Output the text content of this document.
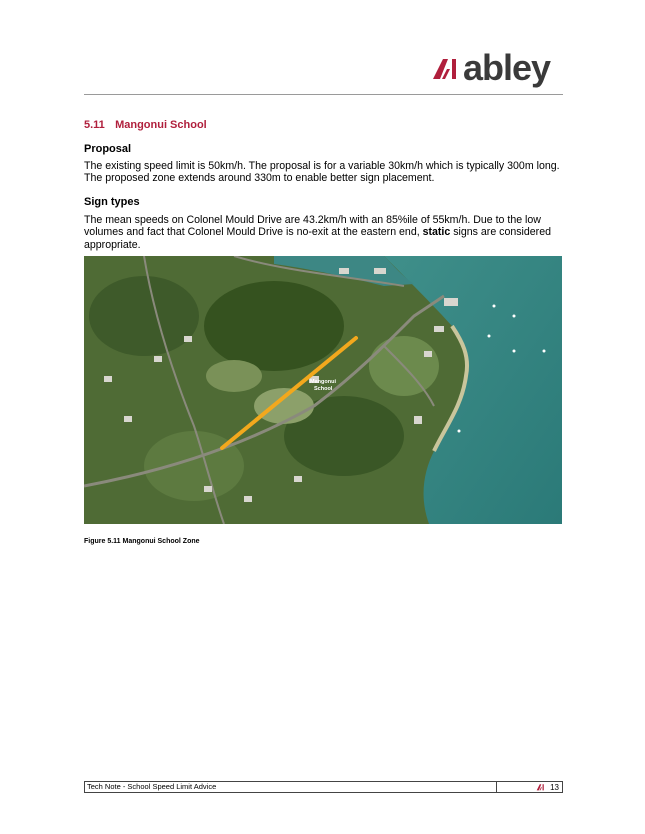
abley
5.11 Mangonui School
Proposal
The existing speed limit is 50km/h. The proposal is for a variable 30km/h which is typically 300m long. The proposed zone extends around 330m to enable better sign placement.
Sign types
The mean speeds on Colonel Mould Drive are 43.2km/h with an 85%ile of 55km/h. Due to the low volumes and fact that Colonel Mould Drive is no-exit at the eastern end, static signs are considered appropriate.
Mangonui
School
Figure 5.11 Mangonui School Zone
Tech Note - School Speed Limit Advice	13
